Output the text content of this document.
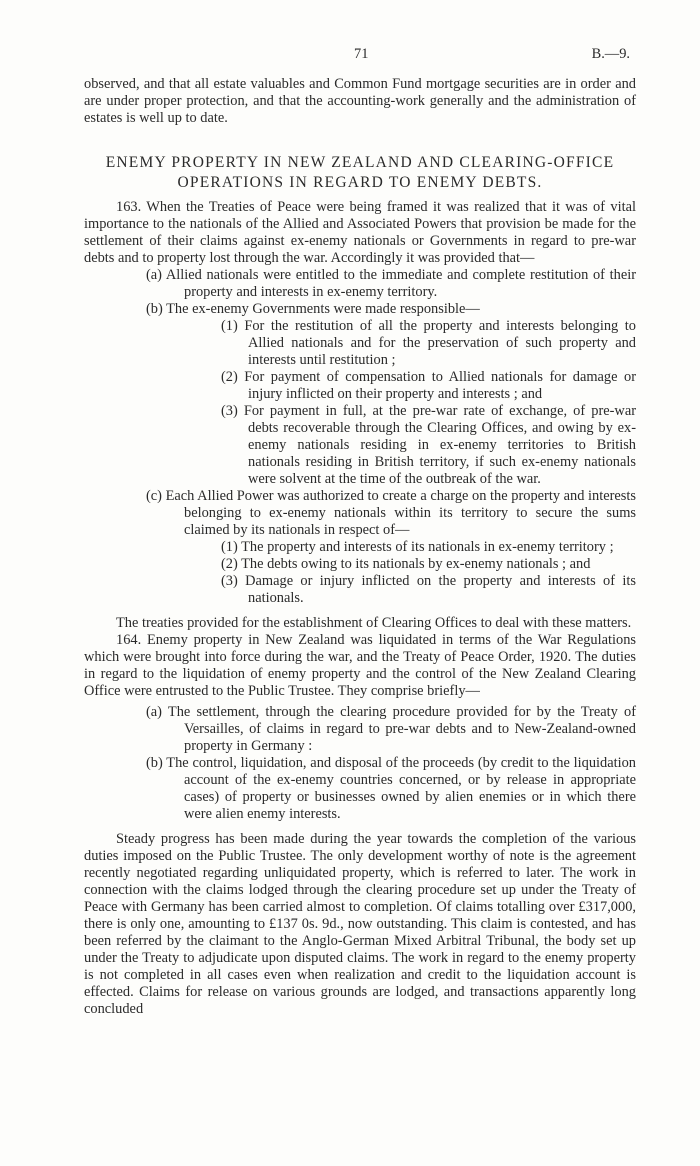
71	B.—9.

observed, and that all estate valuables and Common Fund mortgage securities are in order and are under proper protection, and that the accounting-work generally and the administration of estates is well up to date.

ENEMY PROPERTY IN NEW ZEALAND AND CLEARING-OFFICE OPERATIONS IN REGARD TO ENEMY DEBTS.

163. When the Treaties of Peace were being framed it was realized that it was of vital importance to the nationals of the Allied and Associated Powers that provision be made for the settlement of their claims against ex-enemy nationals or Governments in regard to pre-war debts and to property lost through the war. Accordingly it was provided that—

(a) Allied nationals were entitled to the immediate and complete restitution of their property and interests in ex-enemy territory.

(b) The ex-enemy Governments were made responsible—

(1) For the restitution of all the property and interests belonging to Allied nationals and for the preservation of such property and interests until restitution ;

(2) For payment of compensation to Allied nationals for damage or injury inflicted on their property and interests ; and

(3) For payment in full, at the pre-war rate of exchange, of pre-war debts recoverable through the Clearing Offices, and owing by ex-enemy nationals residing in ex-enemy territories to British nationals residing in British territory, if such ex-enemy nationals were solvent at the time of the outbreak of the war.

(c) Each Allied Power was authorized to create a charge on the property and interests belonging to ex-enemy nationals within its territory to secure the sums claimed by its nationals in respect of—

(1) The property and interests of its nationals in ex-enemy territory ;

(2) The debts owing to its nationals by ex-enemy nationals ; and

(3) Damage or injury inflicted on the property and interests of its nationals.

The treaties provided for the establishment of Clearing Offices to deal with these matters.

164. Enemy property in New Zealand was liquidated in terms of the War Regulations which were brought into force during the war, and the Treaty of Peace Order, 1920. The duties in regard to the liquidation of enemy property and the control of the New Zealand Clearing Office were entrusted to the Public Trustee. They comprise briefly—

(a) The settlement, through the clearing procedure provided for by the Treaty of Versailles, of claims in regard to pre-war debts and to New-Zealand-owned property in Germany :

(b) The control, liquidation, and disposal of the proceeds (by credit to the liquidation account of the ex-enemy countries concerned, or by release in appropriate cases) of property or businesses owned by alien enemies or in which there were alien enemy interests.

Steady progress has been made during the year towards the completion of the various duties imposed on the Public Trustee. The only development worthy of note is the agreement recently negotiated regarding unliquidated property, which is referred to later. The work in connection with the claims lodged through the clearing procedure set up under the Treaty of Peace with Germany has been carried almost to completion. Of claims totalling over £317,000, there is only one, amounting to £137 0s. 9d., now outstanding. This claim is contested, and has been referred by the claimant to the Anglo-German Mixed Arbitral Tribunal, the body set up under the Treaty to adjudicate upon disputed claims. The work in regard to the enemy property is not completed in all cases even when realization and credit to the liquidation account is effected. Claims for release on various grounds are lodged, and transactions apparently long concluded
